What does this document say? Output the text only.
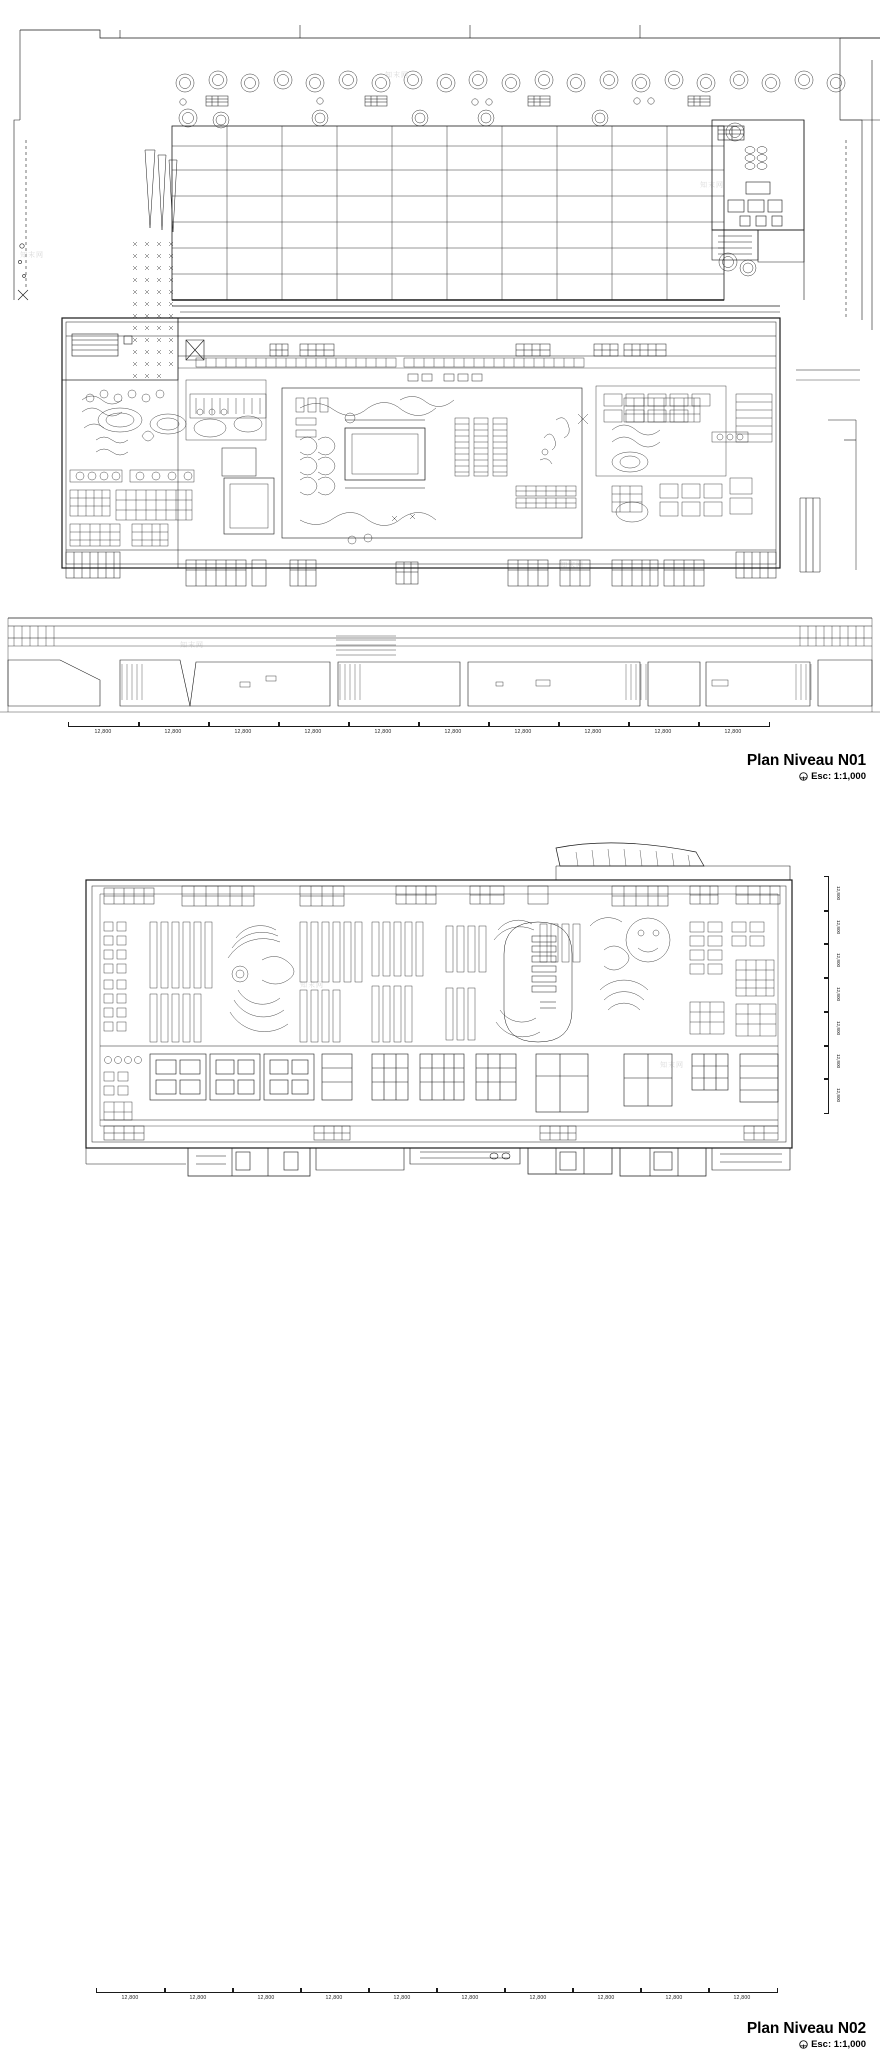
12,800	12,800	12,800	12,800	12,800	12,800	12,800	12,800	12,800	12,800
Plan Niveau N01
Esc: 1:1,000
12,800	12,800	12,800	12,800	12,800	12,800	12,800	12,800	12,800	12,800
Plan Niveau N02
Esc: 1:1,000
12,800
12,800
12,800
12,800
12,800
12,800
12,800
知末网
知末网
知末网
知末网
知末网
知末网
知末网
